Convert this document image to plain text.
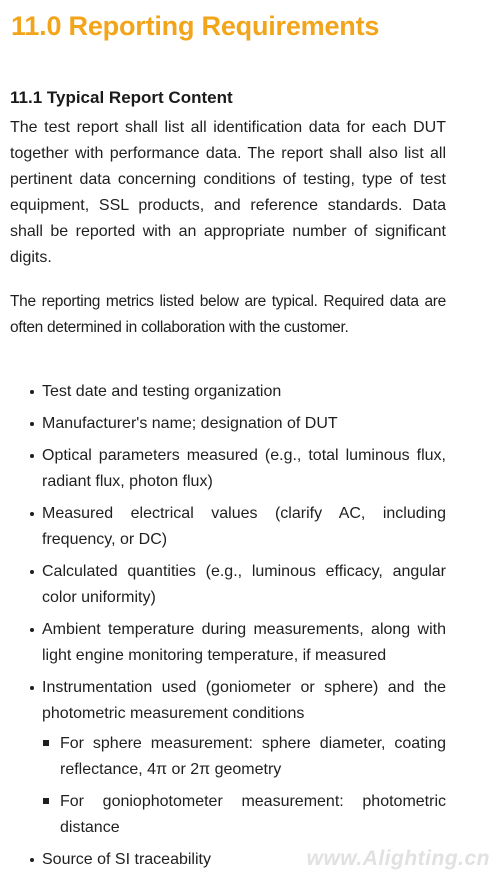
11.0 Reporting Requirements
11.1 Typical Report Content

The test report shall list all identification data for each DUT together with performance data. The report shall also list all pertinent data concerning conditions of testing, type of test equipment, SSL products, and reference standards. Data shall be reported with an appropriate number of significant digits.

The reporting metrics listed below are typical. Required data are often determined in collaboration with the customer.

Test date and testing organization
Manufacturer's name; designation of DUT
Optical parameters measured (e.g., total luminous flux, radiant flux, photon flux)
Measured electrical values (clarify AC, including frequency, or DC)
Calculated quantities (e.g., luminous efficacy, angular color uniformity)
Ambient temperature during measurements, along with light engine monitoring temperature, if measured
Instrumentation used (goniometer or sphere) and the photometric measurement conditions
For sphere measurement: sphere diameter, coating reflectance, 4π or 2π geometry
For goniophotometer measurement: photometric distance
Source of SI traceability	www.Alighting.cn
